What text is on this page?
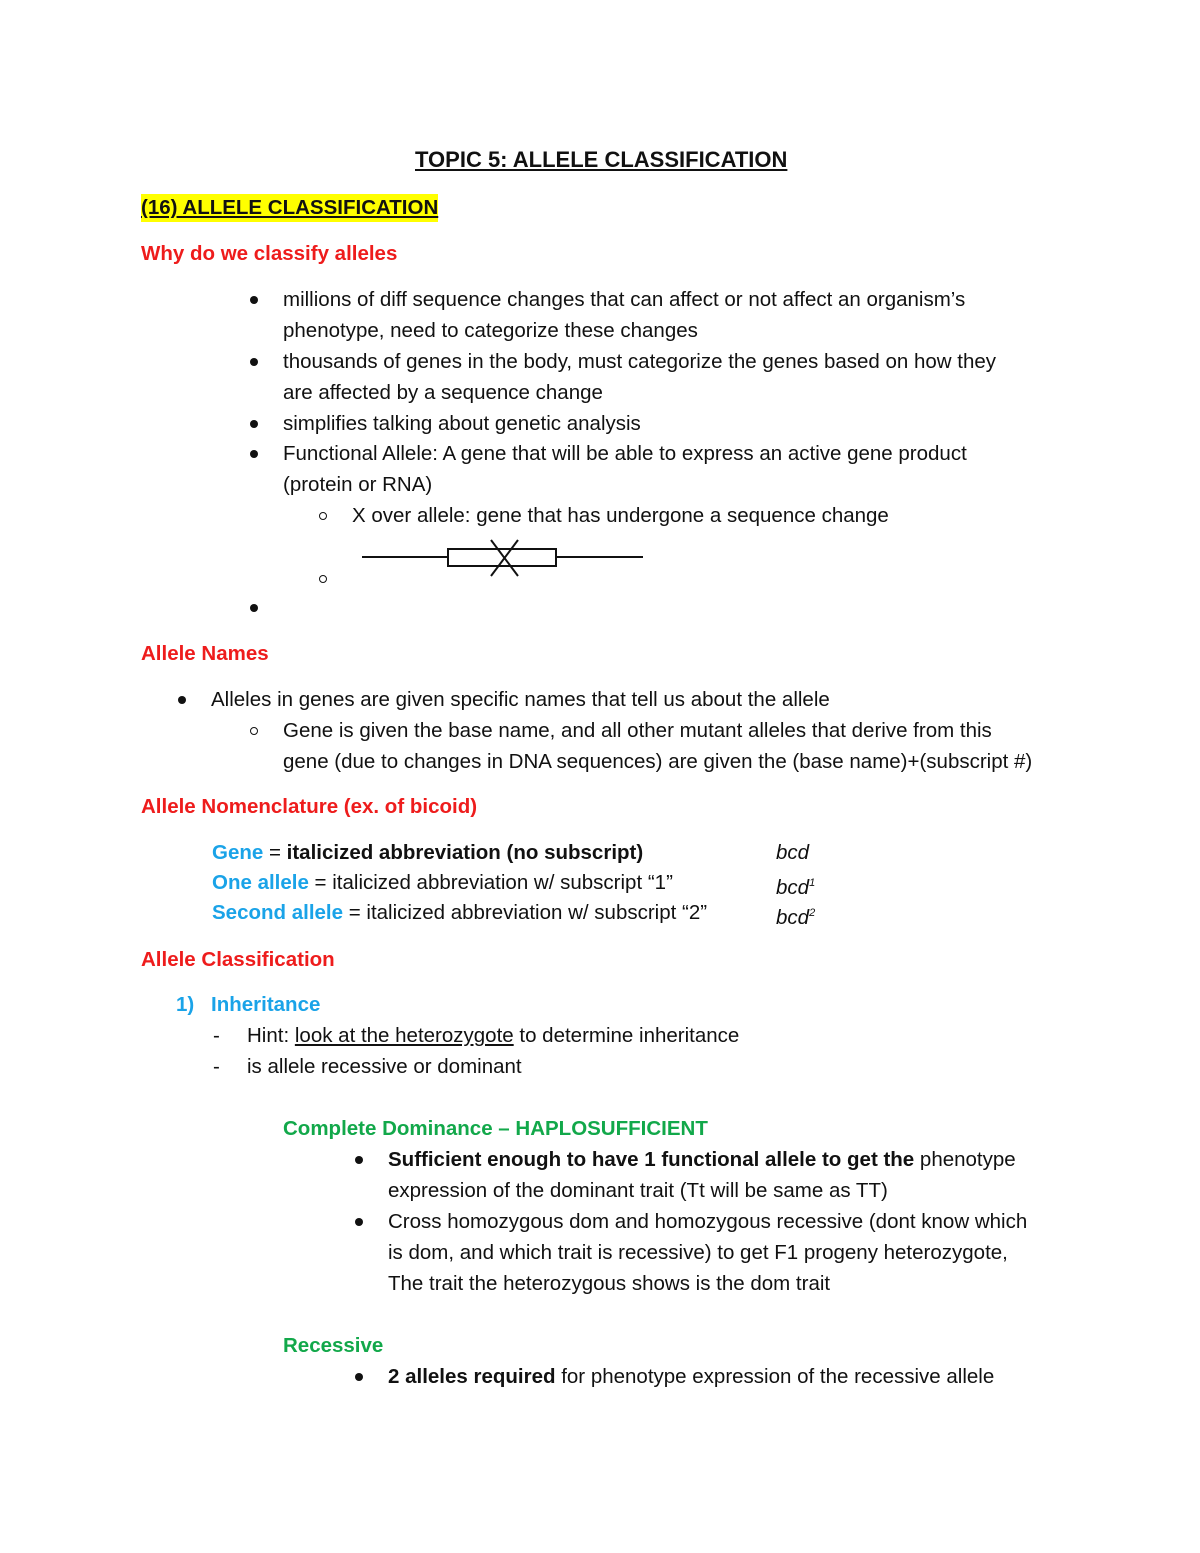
TOPIC 5: ALLELE CLASSIFICATION
(16) ALLELE CLASSIFICATION
Why do we classify alleles
millions of diff sequence changes that can affect or not affect an organism’s
phenotype, need to categorize these changes
thousands of genes in the body, must categorize the genes based on how they
are affected by a sequence change
simplifies talking about genetic analysis
Functional Allele: A gene that will be able to express an active gene product
(protein or RNA)
X over allele: gene that has undergone a sequence change
Allele Names
Alleles in genes are given specific names that tell us about the allele
Gene is given the base name, and all other mutant alleles that derive from this
gene (due to changes in DNA sequences) are given the (base name)+(subscript #)
Allele Nomenclature (ex. of bicoid)
Gene = italicized abbreviation (no subscript)	bcd
One allele = italicized abbreviation w/ subscript “1”	bcd$^1$
Second allele = italicized abbreviation w/ subscript “2”	bcd$^2$
Allele Classification
1) Inheritance
- Hint: look at the heterozygote to determine inheritance
- is allele recessive or dominant
Complete Dominance – HAPLOSUFFICIENT
Sufficient enough to have 1 functional allele to get the phenotype
expression of the dominant trait (Tt will be same as TT)
Cross homozygous dom and homozygous recessive (dont know which
is dom, and which trait is recessive) to get F1 progeny heterozygote,
The trait the heterozygous shows is the dom trait
Recessive
2 alleles required for phenotype expression of the recessive allele
